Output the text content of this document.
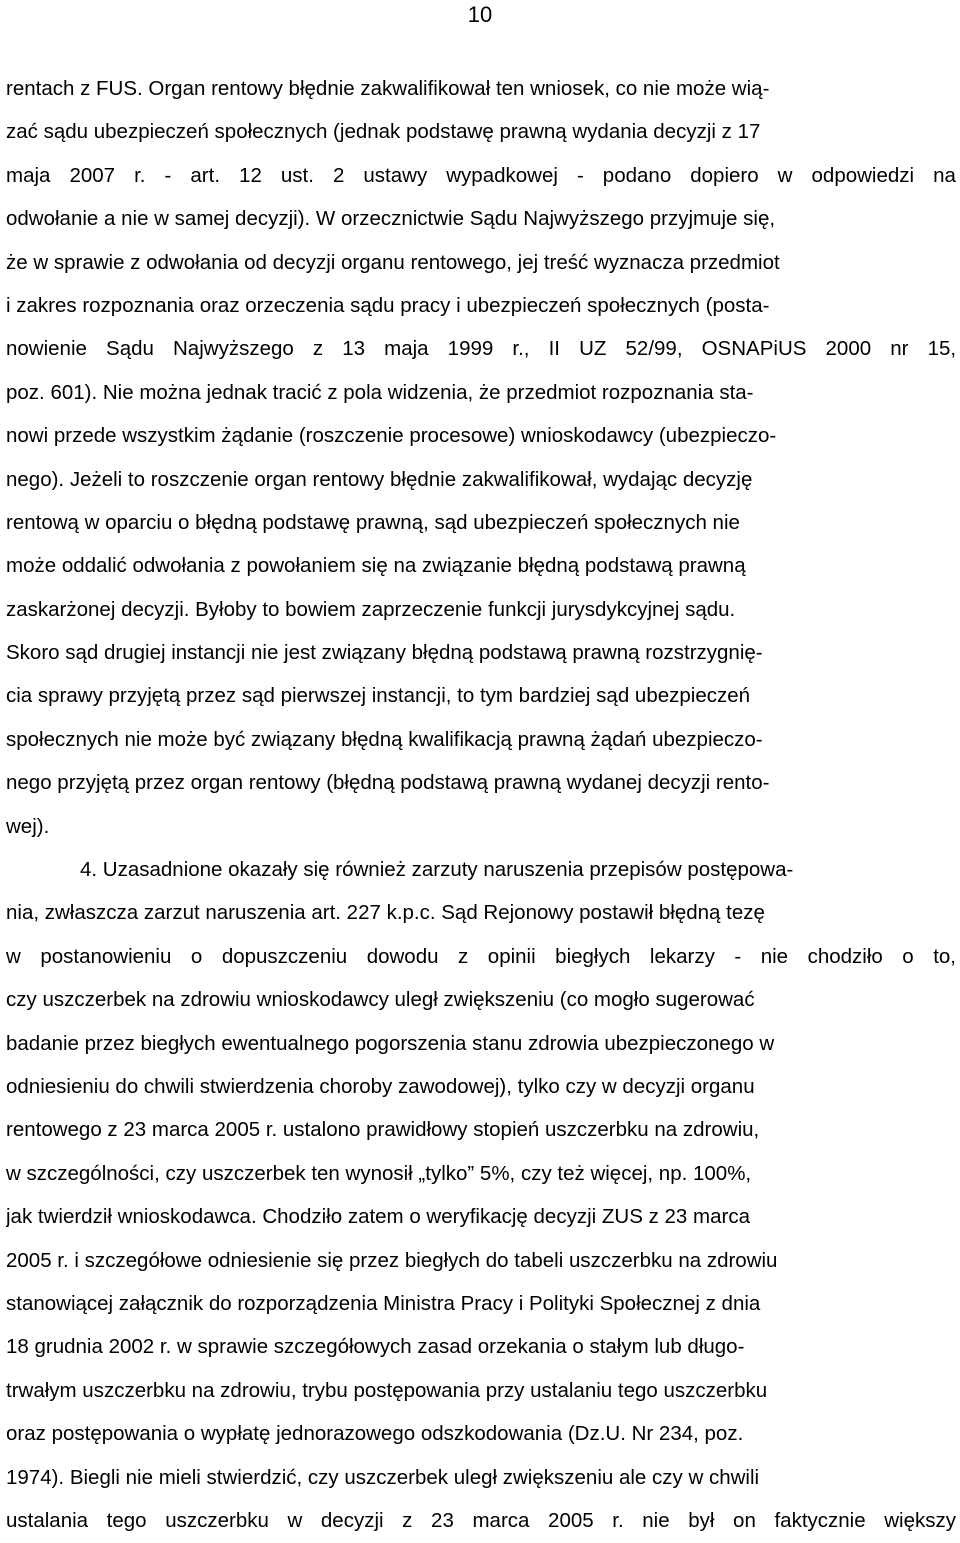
10
rentach z FUS. Organ rentowy błędnie zakwalifikował ten wniosek, co nie może wią-
zać sądu ubezpieczeń społecznych (jednak podstawę prawną wydania decyzji z 17
maja 2007 r. - art. 12 ust. 2 ustawy wypadkowej - podano dopiero w odpowiedzi na
odwołanie a nie w samej decyzji). W orzecznictwie Sądu Najwyższego przyjmuje się,
że w sprawie z odwołania od decyzji organu rentowego, jej treść wyznacza przedmiot
i zakres rozpoznania oraz orzeczenia sądu pracy i ubezpieczeń społecznych (posta-
nowienie Sądu Najwyższego z 13 maja 1999 r., II UZ 52/99, OSNAPiUS 2000 nr 15,
poz. 601). Nie można jednak tracić z pola widzenia, że przedmiot rozpoznania sta-
nowi przede wszystkim żądanie (roszczenie procesowe) wnioskodawcy (ubezpieczo-
nego). Jeżeli to roszczenie organ rentowy błędnie zakwalifikował, wydając decyzję
rentową w oparciu o błędną podstawę prawną, sąd ubezpieczeń społecznych nie
może oddalić odwołania z powołaniem się na związanie błędną podstawą prawną
zaskarżonej decyzji. Byłoby to bowiem zaprzeczenie funkcji jurysdykcyjnej sądu.
Skoro sąd drugiej instancji nie jest związany błędną podstawą prawną rozstrzygnię-
cia sprawy przyjętą przez sąd pierwszej instancji, to tym bardziej sąd ubezpieczeń
społecznych nie może być związany błędną kwalifikacją prawną żądań ubezpieczo-
nego przyjętą przez organ rentowy (błędną podstawą prawną wydanej decyzji rento-
wej).
4. Uzasadnione okazały się również zarzuty naruszenia przepisów postępowa-
nia, zwłaszcza zarzut naruszenia art. 227 k.p.c. Sąd Rejonowy postawił błędną tezę
w postanowieniu o dopuszczeniu dowodu z opinii biegłych lekarzy - nie chodziło o to,
czy uszczerbek na zdrowiu wnioskodawcy uległ zwiększeniu (co mogło sugerować
badanie przez biegłych ewentualnego pogorszenia stanu zdrowia ubezpieczonego w
odniesieniu do chwili stwierdzenia choroby zawodowej), tylko czy w decyzji organu
rentowego z 23 marca 2005 r. ustalono prawidłowy stopień uszczerbku na zdrowiu,
w szczególności, czy uszczerbek ten wynosił „tylko” 5%, czy też więcej, np. 100%,
jak twierdził wnioskodawca. Chodziło zatem o weryfikację decyzji ZUS z 23 marca
2005 r. i szczegółowe odniesienie się przez biegłych do tabeli uszczerbku na zdrowiu
stanowiącej załącznik do rozporządzenia Ministra Pracy i Polityki Społecznej z dnia
18 grudnia 2002 r. w sprawie szczegółowych zasad orzekania o stałym lub długo-
trwałym uszczerbku na zdrowiu, trybu postępowania przy ustalaniu tego uszczerbku
oraz postępowania o wypłatę jednorazowego odszkodowania (Dz.U. Nr 234, poz.
1974). Biegli nie mieli stwierdzić, czy uszczerbek uległ zwiększeniu ale czy w chwili
ustalania tego uszczerbku w decyzji z 23 marca 2005 r. nie był on faktycznie większy
